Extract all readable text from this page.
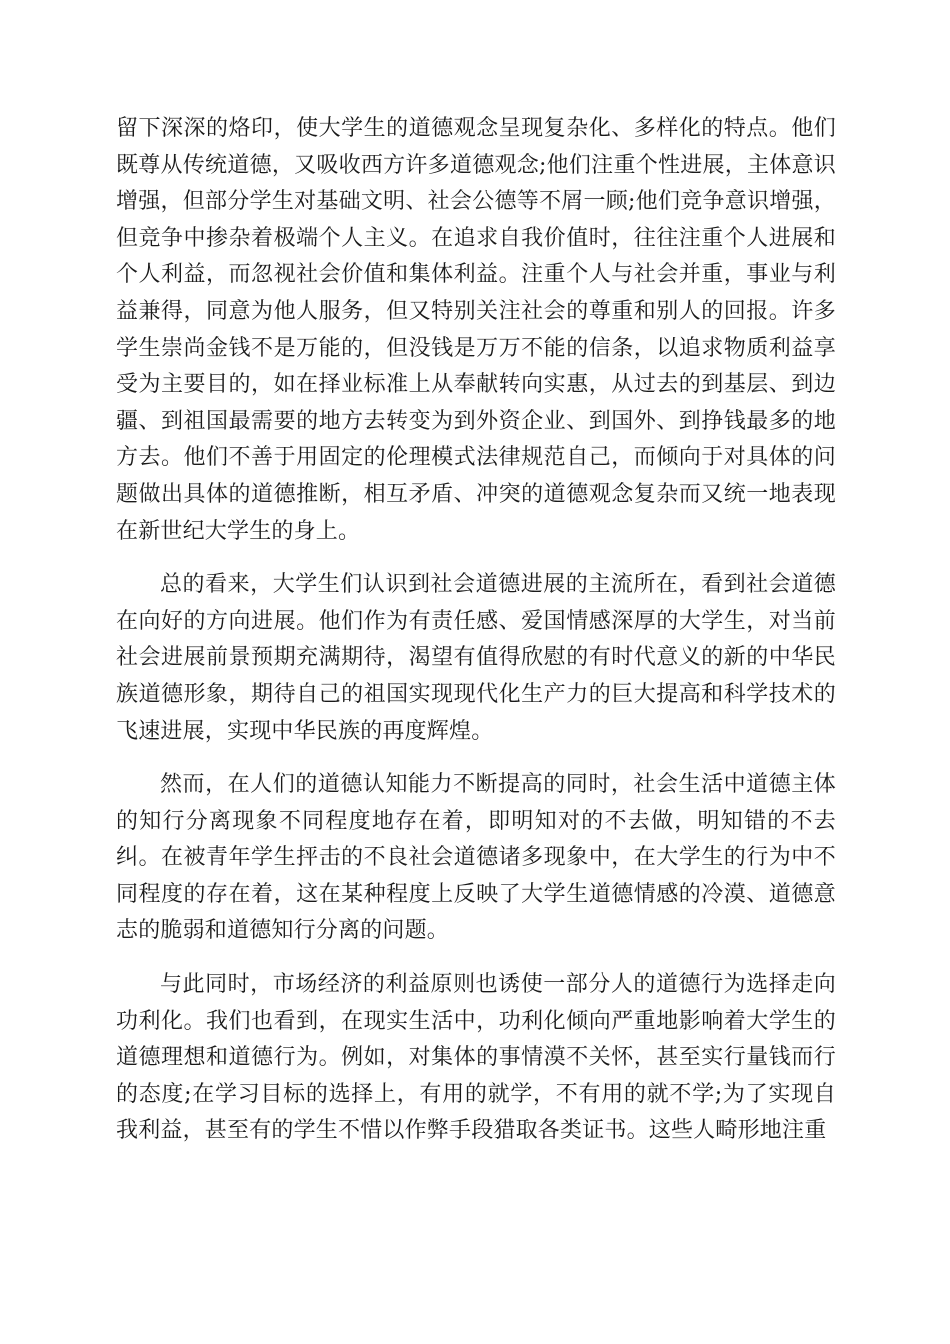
留下深深的烙印，使大学生的道德观念呈现复杂化、多样化的特点。他们既尊从传统道德，又吸收西方许多道德观念;他们注重个性进展，主体意识增强，但部分学生对基础文明、社会公德等不屑一顾;他们竞争意识增强，但竞争中掺杂着极端个人主义。在追求自我价值时，往往注重个人进展和个人利益，而忽视社会价值和集体利益。注重个人与社会并重，事业与利益兼得，同意为他人服务，但又特别关注社会的尊重和别人的回报。许多学生崇尚金钱不是万能的，但没钱是万万不能的信条，以追求物质利益享受为主要目的，如在择业标准上从奉献转向实惠，从过去的到基层、到边疆、到祖国最需要的地方去转变为到外资企业、到国外、到挣钱最多的地方去。他们不善于用固定的伦理模式法律规范自己，而倾向于对具体的问题做出具体的道德推断，相互矛盾、冲突的道德观念复杂而又统一地表现在新世纪大学生的身上。

总的看来，大学生们认识到社会道德进展的主流所在，看到社会道德在向好的方向进展。他们作为有责任感、爱国情感深厚的大学生，对当前社会进展前景预期充满期待，渴望有值得欣慰的有时代意义的新的中华民族道德形象，期待自己的祖国实现现代化生产力的巨大提高和科学技术的飞速进展，实现中华民族的再度辉煌。

然而，在人们的道德认知能力不断提高的同时，社会生活中道德主体的知行分离现象不同程度地存在着，即明知对的不去做，明知错的不去纠。在被青年学生抨击的不良社会道德诸多现象中，在大学生的行为中不同程度的存在着，这在某种程度上反映了大学生道德情感的冷漠、道德意志的脆弱和道德知行分离的问题。

与此同时，市场经济的利益原则也诱使一部分人的道德行为选择走向功利化。我们也看到，在现实生活中，功利化倾向严重地影响着大学生的道德理想和道德行为。例如，对集体的事情漠不关怀，甚至实行量钱而行的态度;在学习目标的选择上，有用的就学，不有用的就不学;为了实现自我利益，甚至有的学生不惜以作弊手段猎取各类证书。这些人畸形地注重
